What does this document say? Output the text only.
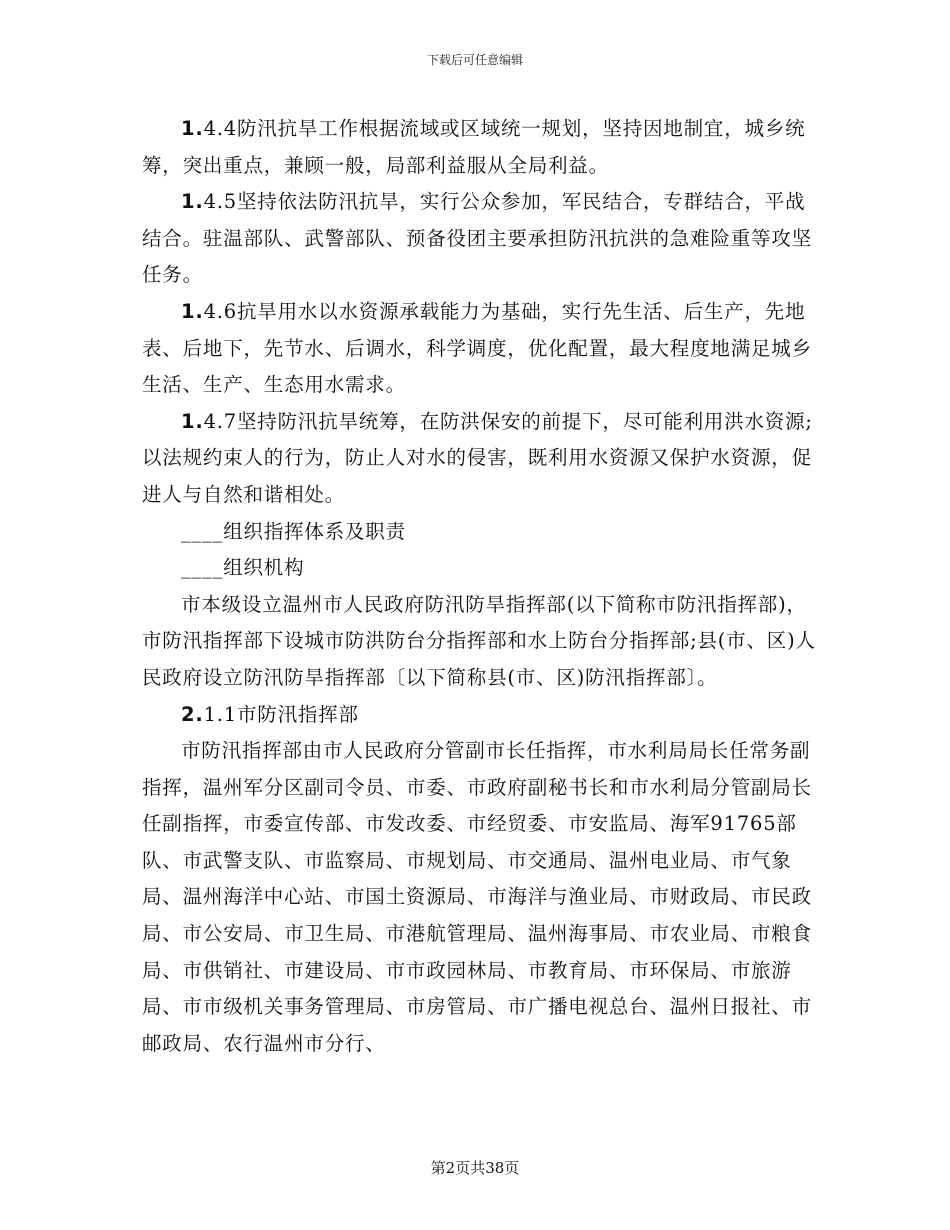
下载后可任意编辑

1.4.4防汛抗旱工作根据流域或区域统一规划，坚持因地制宜，城乡统筹，突出重点，兼顾一般，局部利益服从全局利益。

1.4.5坚持依法防汛抗旱，实行公众参加，军民结合，专群结合，平战结合。驻温部队、武警部队、预备役团主要承担防汛抗洪的急难险重等攻坚任务。

1.4.6抗旱用水以水资源承载能力为基础，实行先生活、后生产，先地表、后地下，先节水、后调水，科学调度，优化配置，最大程度地满足城乡生活、生产、生态用水需求。

1.4.7坚持防汛抗旱统筹，在防洪保安的前提下，尽可能利用洪水资源;以法规约束人的行为，防止人对水的侵害，既利用水资源又保护水资源，促进人与自然和谐相处。

____组织指挥体系及职责

____组织机构

市本级设立温州市人民政府防汛防旱指挥部(以下简称市防汛指挥部)，市防汛指挥部下设城市防洪防台分指挥部和水上防台分指挥部;县(市、区)人民政府设立防汛防旱指挥部〔以下简称县(市、区)防汛指挥部〕。

2.1.1市防汛指挥部

市防汛指挥部由市人民政府分管副市长任指挥，市水利局局长任常务副指挥，温州军分区副司令员、市委、市政府副秘书长和市水利局分管副局长任副指挥，市委宣传部、市发改委、市经贸委、市安监局、海军91765部队、市武警支队、市监察局、市规划局、市交通局、温州电业局、市气象局、温州海洋中心站、市国土资源局、市海洋与渔业局、市财政局、市民政局、市公安局、市卫生局、市港航管理局、温州海事局、市农业局、市粮食局、市供销社、市建设局、市市政园林局、市教育局、市环保局、市旅游局、市市级机关事务管理局、市房管局、市广播电视总台、温州日报社、市邮政局、农行温州市分行、

第2页共38页
